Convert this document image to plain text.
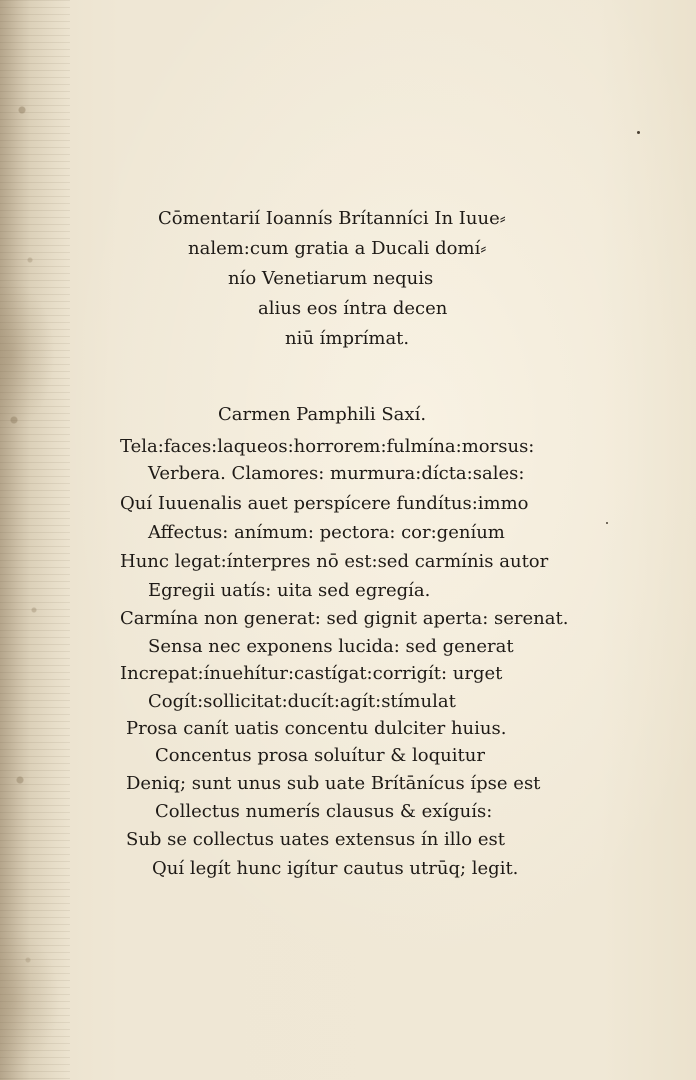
Cōmentarií Ioannís Brítanníci In Iuue⸗
nalem:cum gratia a Ducali domí⸗
nío Venetiarum nequis
alius eos íntra decen
niū ímprímat.
Carmen Pamphili Saxí.
Tela:faces:laqueos:horrorem:fulmína:morsus:
Verbera. Clamores: murmura:dícta:sales:
Quí Iuuenalis auet perspícere fundítus:immo
Affectus: anímum: pectora: cor:geníum
Hunc legat:ínterpres nō est:sed carmínis autor
Egregii uatís: uita sed egregía.
Carmína non generat: sed gignit aperta: serenat.
Sensa nec exponens lucida: sed generat
Increpat:ínuehítur:castígat:corrigít: urget
Cogít:sollicitat:ducít:agít:stímulat
Prosa canít uatis concentu dulciter huius.
Concentus prosa soluítur & loquitur
Deniq; sunt unus sub uate Brítānícus ípse est
Collectus numerís clausus & exíguís:
Sub se collectus uates extensus ín illo est
Quí legít hunc igítur cautus utrūq; legit.
